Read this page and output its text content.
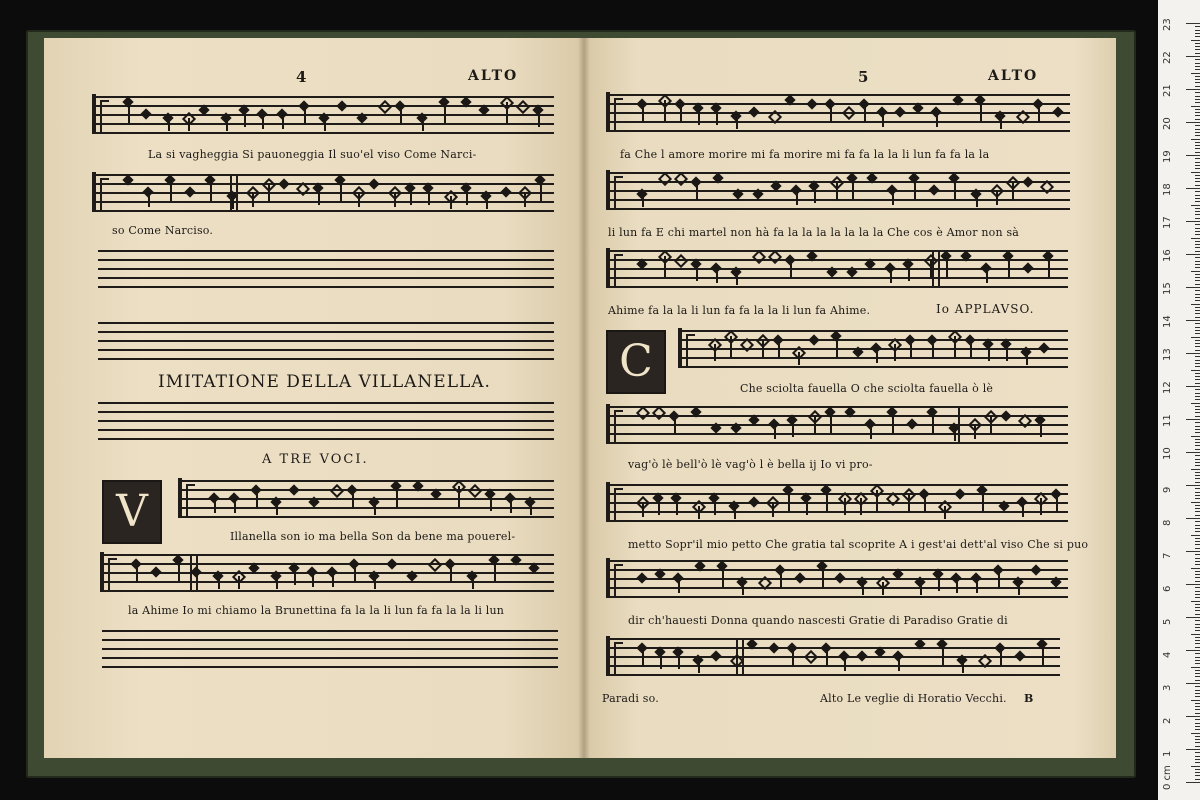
4	ALTO
La si vagheggia Si pauoneggia Il suo'el viso Come Narci-
so Come Narciso.
IMITATIONE DELLA VILLANELLA.
A TRE VOCI.
V	Illanella son io ma bella Son da bene ma pouerel-
la Ahime Io mi chiamo la Brunettina fa la la li lun fa fa la la li lun
5	ALTO
fa Che l amore morire mi fa morire mi fa fa la la li lun fa fa la la
li lun fa E chi martel non hà fa la la la la la la la Che cos è Amor non sà
Ahime fa la la li lun fa fa la la li lun fa Ahime.	Io APPLAVSO.
C
Che sciolta fauella O che sciolta fauella ò lè
vag'ò lè bell'ò lè vag'ò l è bella ij Io vi pro-
metto Sopr'il mio petto Che gratia tal scoprite A i gest'ai dett'al viso Che si puo
dir ch'hauesti Donna quando nascesti Gratie di Paradiso Gratie di
Paradi so.	Alto Le veglie di Horatio Vecchi. B
0 cm
1
2
3
4
5
6
7
8
9
10
11
12
13
14
15
16
17
18
19
20
21
22
23
